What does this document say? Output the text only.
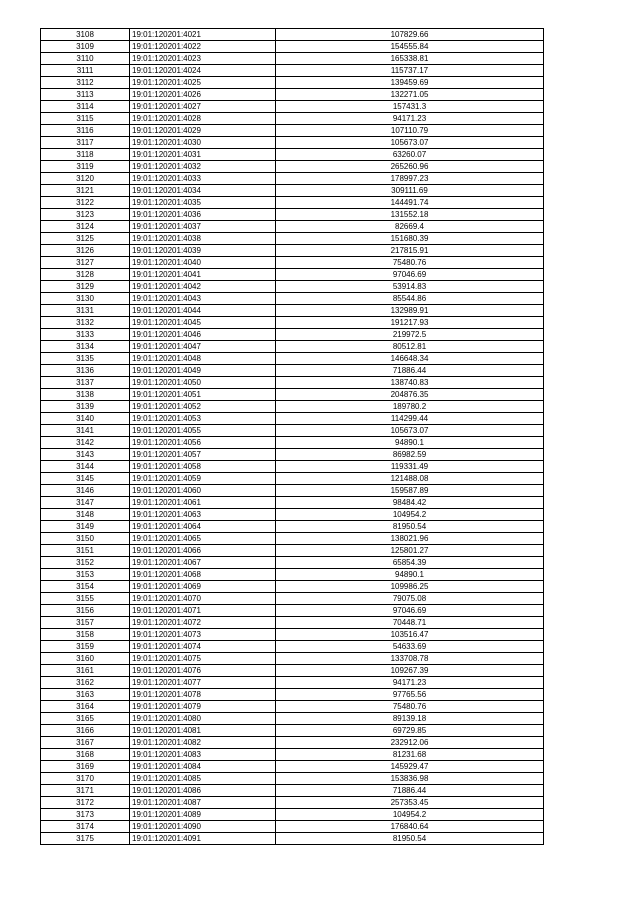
3108	19:01:120201:4021	107829.66
3109	19:01:120201:4022	154555.84
3110	19:01:120201:4023	165338.81
3111	19:01:120201:4024	115737.17
3112	19:01:120201:4025	139459.69
3113	19:01:120201:4026	132271.05
3114	19:01:120201:4027	157431.3
3115	19:01:120201:4028	94171.23
3116	19:01:120201:4029	107110.79
3117	19:01:120201:4030	105673.07
3118	19:01:120201:4031	63260.07
3119	19:01:120201:4032	265260.96
3120	19:01:120201:4033	178997.23
3121	19:01:120201:4034	309111.69
3122	19:01:120201:4035	144491.74
3123	19:01:120201:4036	131552.18
3124	19:01:120201:4037	82669.4
3125	19:01:120201:4038	151680.39
3126	19:01:120201:4039	217815.91
3127	19:01:120201:4040	75480.76
3128	19:01:120201:4041	97046.69
3129	19:01:120201:4042	53914.83
3130	19:01:120201:4043	85544.86
3131	19:01:120201:4044	132989.91
3132	19:01:120201:4045	191217.93
3133	19:01:120201:4046	219972.5
3134	19:01:120201:4047	80512.81
3135	19:01:120201:4048	146648.34
3136	19:01:120201:4049	71886.44
3137	19:01:120201:4050	138740.83
3138	19:01:120201:4051	204876.35
3139	19:01:120201:4052	189780.2
3140	19:01:120201:4053	114299.44
3141	19:01:120201:4055	105673.07
3142	19:01:120201:4056	94890.1
3143	19:01:120201:4057	86982.59
3144	19:01:120201:4058	119331.49
3145	19:01:120201:4059	121488.08
3146	19:01:120201:4060	159587.89
3147	19:01:120201:4061	98484.42
3148	19:01:120201:4063	104954.2
3149	19:01:120201:4064	81950.54
3150	19:01:120201:4065	138021.96
3151	19:01:120201:4066	125801.27
3152	19:01:120201:4067	65854.39
3153	19:01:120201:4068	94890.1
3154	19:01:120201:4069	109986.25
3155	19:01:120201:4070	79075.08
3156	19:01:120201:4071	97046.69
3157	19:01:120201:4072	70448.71
3158	19:01:120201:4073	103516.47
3159	19:01:120201:4074	54633.69
3160	19:01:120201:4075	133708.78
3161	19:01:120201:4076	109267.39
3162	19:01:120201:4077	94171.23
3163	19:01:120201:4078	97765.56
3164	19:01:120201:4079	75480.76
3165	19:01:120201:4080	89139.18
3166	19:01:120201:4081	69729.85
3167	19:01:120201:4082	232912.06
3168	19:01:120201:4083	81231.68
3169	19:01:120201:4084	145929.47
3170	19:01:120201:4085	153836.98
3171	19:01:120201:4086	71886.44
3172	19:01:120201:4087	257353.45
3173	19:01:120201:4089	104954.2
3174	19:01:120201:4090	176840.64
3175	19:01:120201:4091	81950.54
